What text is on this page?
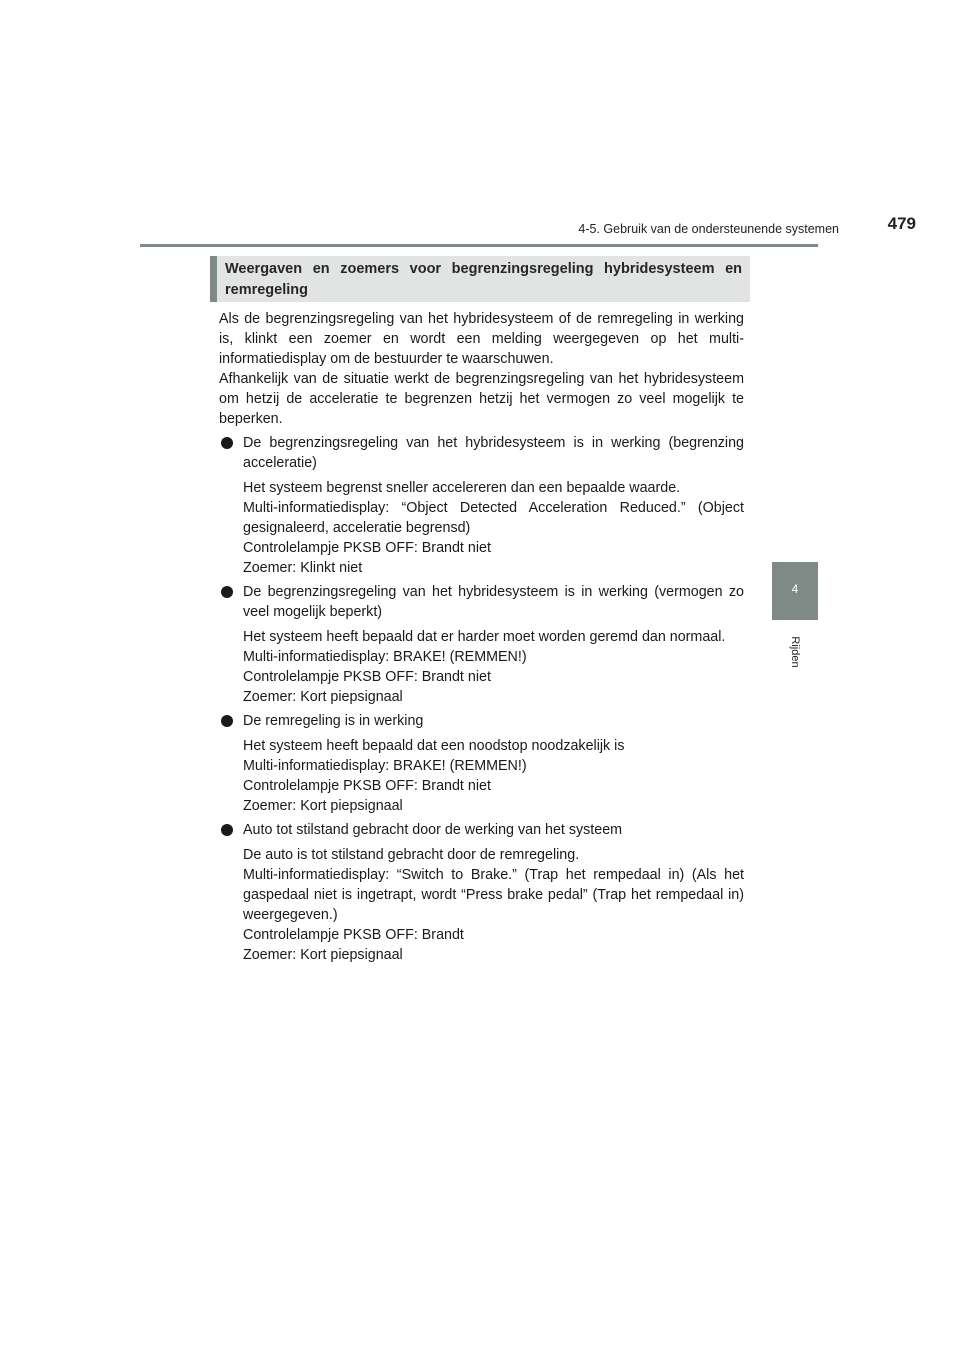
4-5. Gebruik van de ondersteunende systemen	479
4
Rijden

Weergaven en zoemers voor begrenzingsregeling hybridesysteem en remregeling

Als de begrenzingsregeling van het hybridesysteem of de remregeling in werking is, klinkt een zoemer en wordt een melding weergegeven op het multi-informatiedisplay om de bestuurder te waarschuwen.

Afhankelijk van de situatie werkt de begrenzingsregeling van het hybridesysteem om hetzij de acceleratie te begrenzen hetzij het vermogen zo veel mogelijk te beperken.

De begrenzingsregeling van het hybridesysteem is in werking (begrenzing acceleratie)
Het systeem begrenst sneller accelereren dan een bepaalde waarde.
Multi-informatiedisplay: “Object Detected Acceleration Reduced.” (Object gesignaleerd, acceleratie begrensd)
Controlelampje PKSB OFF: Brandt niet
Zoemer: Klinkt niet
De begrenzingsregeling van het hybridesysteem is in werking (vermogen zo veel mogelijk beperkt)
Het systeem heeft bepaald dat er harder moet worden geremd dan normaal.
Multi-informatiedisplay: BRAKE! (REMMEN!)
Controlelampje PKSB OFF: Brandt niet
Zoemer: Kort piepsignaal
De remregeling is in werking
Het systeem heeft bepaald dat een noodstop noodzakelijk is
Multi-informatiedisplay: BRAKE! (REMMEN!)
Controlelampje PKSB OFF: Brandt niet
Zoemer: Kort piepsignaal
Auto tot stilstand gebracht door de werking van het systeem
De auto is tot stilstand gebracht door de remregeling.
Multi-informatiedisplay: “Switch to Brake.” (Trap het rempedaal in) (Als het gaspedaal niet is ingetrapt, wordt “Press brake pedal” (Trap het rempedaal in) weergegeven.)
Controlelampje PKSB OFF: Brandt
Zoemer: Kort piepsignaal
